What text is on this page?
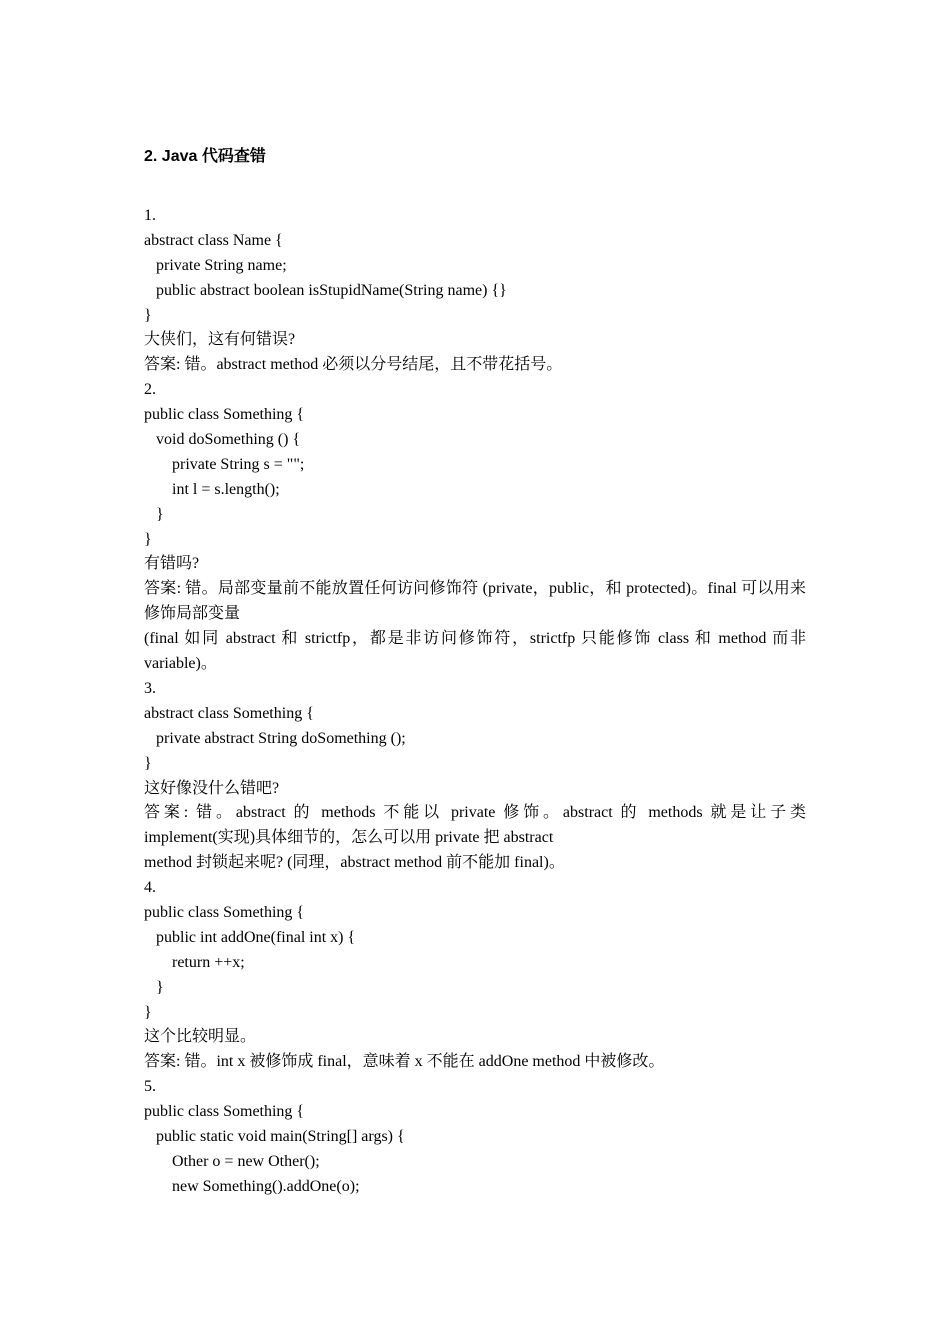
2. Java 代码查错
1.
abstract class Name {
private String name;
public abstract boolean isStupidName(String name) {}
}
大侠们，这有何错误?
答案: 错。abstract method 必须以分号结尾，且不带花括号。
2.
public class Something {
void doSomething () {
private String s = "";
int l = s.length();
}
}
有错吗?
答案: 错。局部变量前不能放置任何访问修饰符 (private，public，和 protected)。final 可以用来
修饰局部变量
(final 如同 abstract 和 strictfp，都是非访问修饰符，strictfp 只能修饰 class 和 method 而非
variable)。
3.
abstract class Something {
private abstract String doSomething ();
}
这好像没什么错吧?
答案: 错。abstract 的 methods 不能以 private 修饰。abstract 的 methods 就是让子类
implement(实现)具体细节的，怎么可以用 private 把 abstract
method 封锁起来呢? (同理，abstract method 前不能加 final)。
4.
public class Something {
public int addOne(final int x) {
return ++x;
}
}
这个比较明显。
答案: 错。int x 被修饰成 final，意味着 x 不能在 addOne method 中被修改。
5.
public class Something {
public static void main(String[] args) {
Other o = new Other();
new Something().addOne(o);
